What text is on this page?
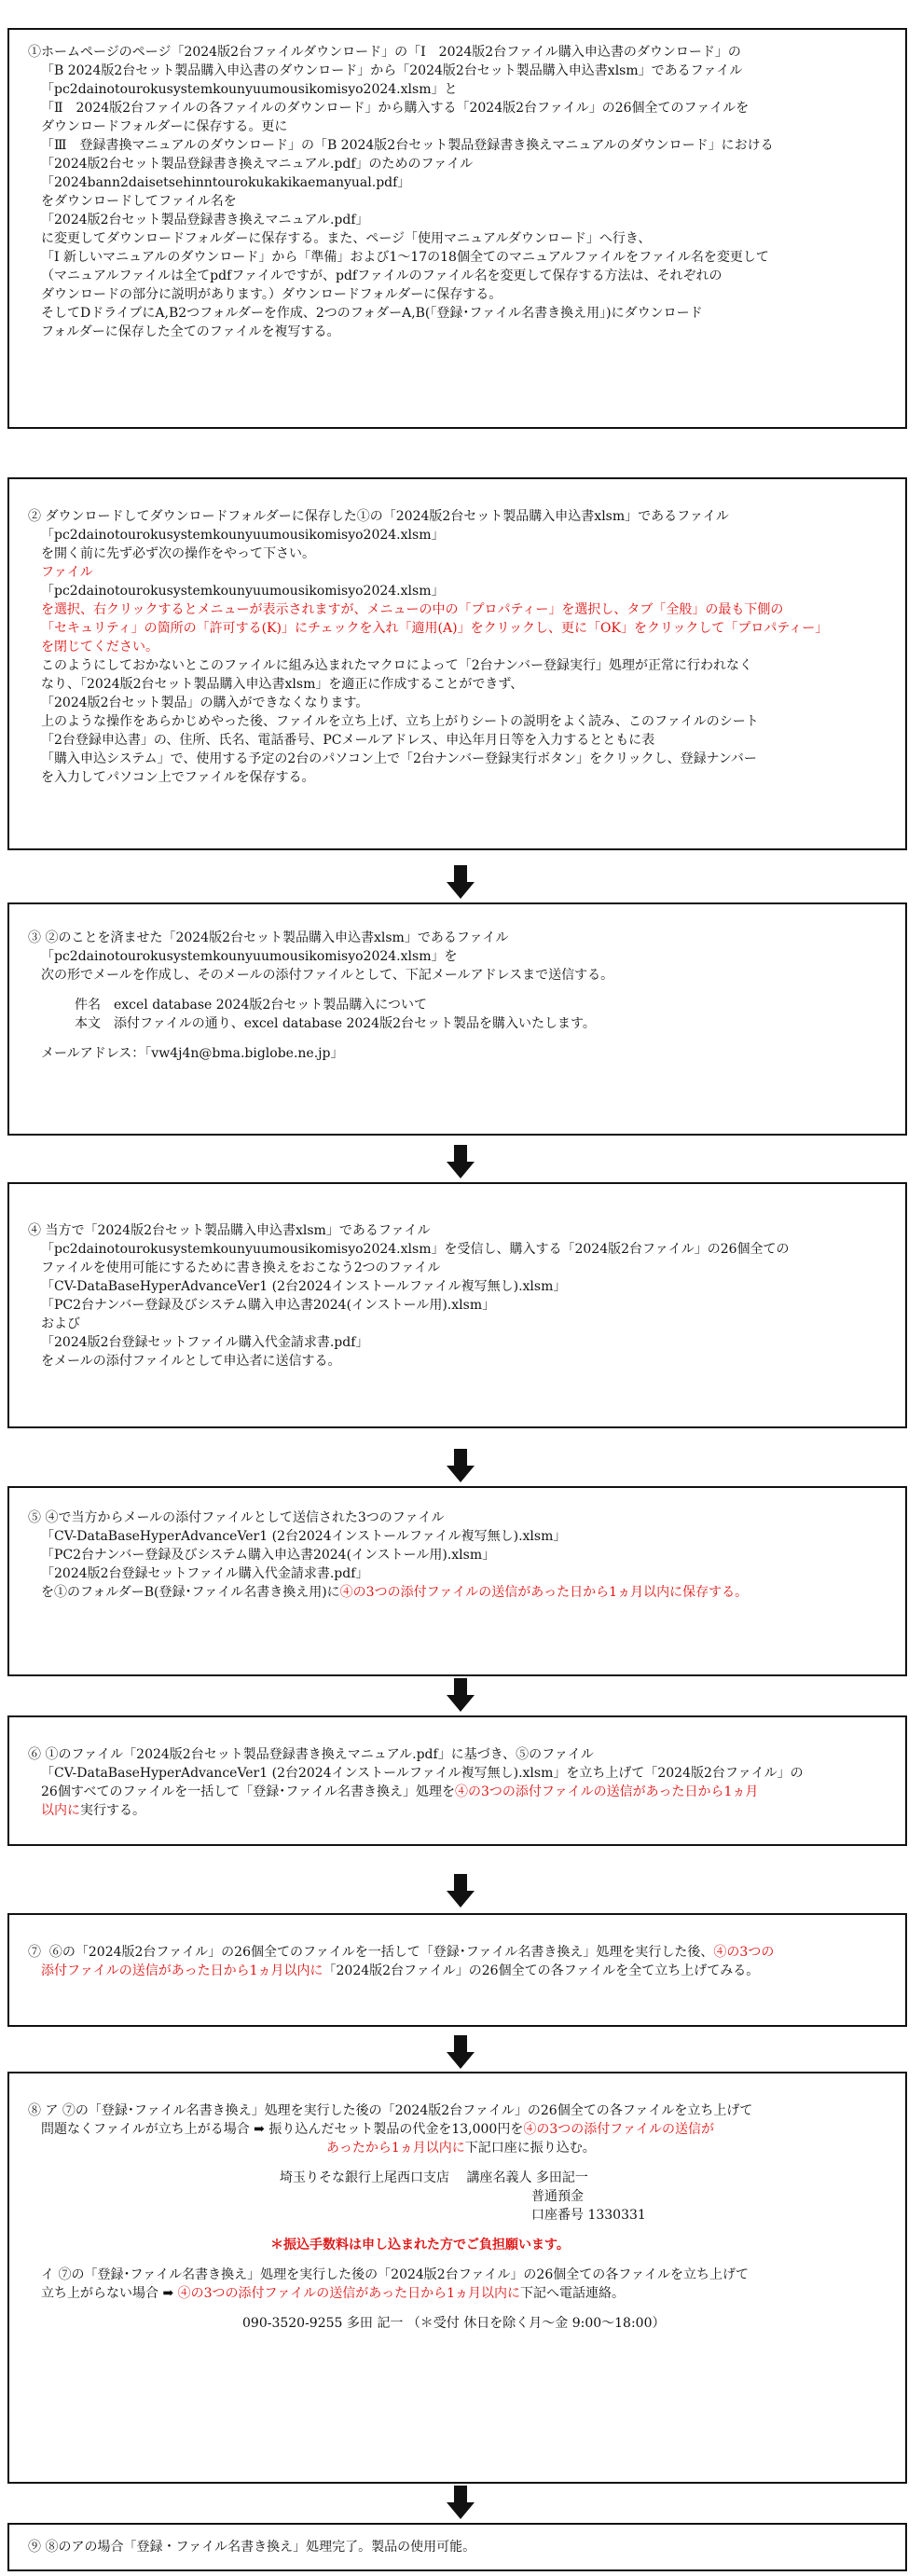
①ホームページのページ「2024版2台ファイルダウンロード」の「Ⅰ　2024版2台ファイル購入申込書のダウンロード」の
「B 2024版2台セット製品購入申込書のダウンロード」から「2024版2台セット製品購入申込書xlsm」であるファイル
「pc2dainotourokusystemkounyuumousikomisyo2024.xlsm」と
「Ⅱ　2024版2台ファイルの各ファイルのダウンロード」から購入する「2024版2台ファイル」の26個全てのファイルを
ダウンロードフォルダーに保存する。更に
「Ⅲ　登録書換マニュアルのダウンロード」の「B 2024版2台セット製品登録書き換えマニュアルのダウンロード」における
「2024版2台セット製品登録書き換えマニュアル.pdf」のためのファイル
「2024bann2daisetsehinntourokukakikaemanyual.pdf」
をダウンロードしてファイル名を
「2024版2台セット製品登録書き換えマニュアル.pdf」
に変更してダウンロードフォルダーに保存する。また、ページ「使用マニュアルダウンロード」へ行き、
「Ⅰ 新しいマニュアルのダウンロード」から「準備」および1～17の18個全てのマニュアルファイルをファイル名を変更して
（マニュアルファイルは全てpdfファイルですが、pdfファイルのファイル名を変更して保存する方法は、それぞれの
ダウンロードの部分に説明があります。）ダウンロードフォルダーに保存する。
そしてDドライブにA,B2つフォルダーを作成、2つのフォダーA,B(「登録･ファイル名書き換え用」)にダウンロード
フォルダーに保存した全てのファイルを複写する。
② ダウンロードしてダウンロードフォルダーに保存した①の「2024版2台セット製品購入申込書xlsm」であるファイル
「pc2dainotourokusystemkounyuumousikomisyo2024.xlsm」
を開く前に先ず必ず次の操作をやって下さい。
ファイル
「pc2dainotourokusystemkounyuumousikomisyo2024.xlsm」
を選択、右クリックするとメニューが表示されますが、メニューの中の「プロパティー」を選択し、タブ「全般」の最も下側の
「セキュリティ」の箇所の「許可する(K)」にチェックを入れ「適用(A)」をクリックし、更に「OK」をクリックして「プロパティー」
を閉じてください。
このようにしておかないとこのファイルに組み込まれたマクロによって「2台ナンバー登録実行」処理が正常に行われなく
なり、「2024版2台セット製品購入申込書xlsm」を適正に作成することができず、
「2024版2台セット製品」の購入ができなくなります。
上のような操作をあらかじめやった後、ファイルを立ち上げ、立ち上がりシートの説明をよく読み、このファイルのシート
「2台登録申込書」の、住所、氏名、電話番号、PCメールアドレス、申込年月日等を入力するとともに表
「購入申込システム」で、使用する予定の2台のパソコン上で「2台ナンバー登録実行ボタン」をクリックし、登録ナンバー
を入力してパソコン上でファイルを保存する。
③ ②のことを済ませた「2024版2台セット製品購入申込書xlsm」であるファイル
「pc2dainotourokusystemkounyuumousikomisyo2024.xlsm」を
次の形でメールを作成し、そのメールの添付ファイルとして、下記メールアドレスまで送信する。
件名　excel database 2024版2台セット製品購入について
本文　添付ファイルの通り、excel database 2024版2台セット製品を購入いたします。
メールアドレス：「vw4j4n@bma.biglobe.ne.jp」
④ 当方で「2024版2台セット製品購入申込書xlsm」であるファイル
「pc2dainotourokusystemkounyuumousikomisyo2024.xlsm」を受信し、購入する「2024版2台ファイル」の26個全ての
ファイルを使用可能にするために書き換えをおこなう2つのファイル
「CV-DataBaseHyperAdvanceVer1 (2台2024インストールファイル複写無し).xlsm」
「PC2台ナンバー登録及びシステム購入申込書2024(インストール用).xlsm」
および
「2024版2台登録セットファイル購入代金請求書.pdf」
をメールの添付ファイルとして申込者に送信する。
⑤ ④で当方からメールの添付ファイルとして送信された3つのファイル
「CV-DataBaseHyperAdvanceVer1 (2台2024インストールファイル複写無し).xlsm」
「PC2台ナンバー登録及びシステム購入申込書2024(インストール用).xlsm」
「2024版2台登録セットファイル購入代金請求書.pdf」
を①のフォルダーB(登録･ファイル名書き換え用)に④の3つの添付ファイルの送信があった日から1ヵ月以内に保存する。
⑥ ①のファイル「2024版2台セット製品登録書き換えマニュアル.pdf」に基づき、⑤のファイル
「CV-DataBaseHyperAdvanceVer1 (2台2024インストールファイル複写無し).xlsm」を立ち上げて「2024版2台ファイル」の
26個すべてのファイルを一括して「登録･ファイル名書き換え」処理を④の3つの添付ファイルの送信があった日から1ヵ月
以内に実行する。
⑦  ⑥の「2024版2台ファイル」の26個全てのファイルを一括して「登録･ファイル名書き換え」処理を実行した後、④の3つの
添付ファイルの送信があった日から1ヵ月以内に「2024版2台ファイル」の26個全ての各ファイルを全て立ち上げてみる。
⑧ ア ⑦の「登録･ファイル名書き換え」処理を実行した後の「2024版2台ファイル」の26個全ての各ファイルを立ち上げて
問題なくファイルが立ち上がる場合 ➡ 振り込んだセット製品の代金を13,000円を④の3つの添付ファイルの送信が
あったから1ヵ月以内に下記口座に振り込む。
埼玉りそな銀行上尾西口支店　 講座名義人 多田記一
普通預金
口座番号 1330331
＊振込手数料は申し込まれた方でご負担願います。
イ ⑦の「登録･ファイル名書き換え」処理を実行した後の「2024版2台ファイル」の26個全ての各ファイルを立ち上げて
立ち上がらない場合 ➡ ④の3つの添付ファイルの送信があった日から1ヵ月以内に下記へ電話連絡。
090-3520-9255 多田 記一 （＊受付 休日を除く月～金 9:00～18:00）
⑨ ⑧のアの場合「登録・ファイル名書き換え」処理完了。製品の使用可能。
